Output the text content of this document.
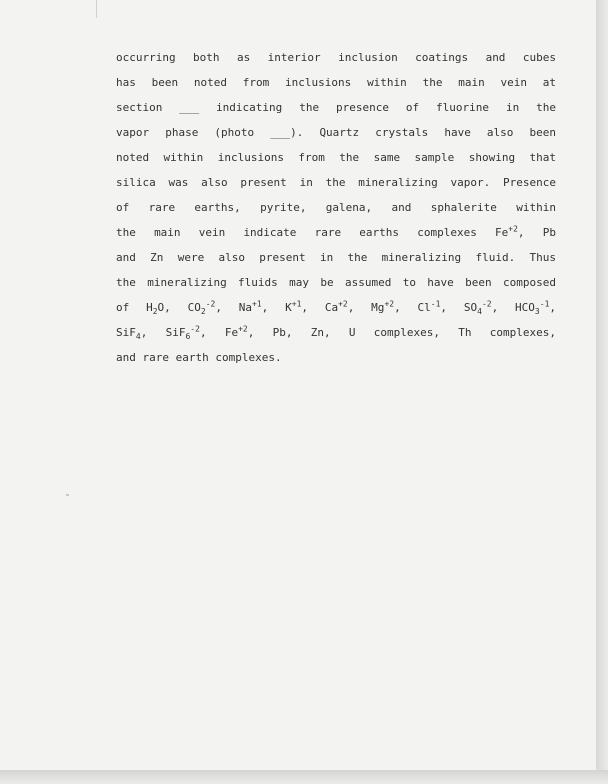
occurring both as interior inclusion coatings and cubes
has been noted from inclusions within the main vein at
section ___ indicating the presence of fluorine in the
vapor phase (photo ___). Quartz crystals have also been
noted within inclusions from the same sample showing that
silica was also present in the mineralizing vapor. Presence
of rare earths, pyrite, galena, and sphalerite within
the main vein indicate rare earths complexes $Fe^{+2}$, Pb
and Zn were also present in the mineralizing fluid. Thus
the mineralizing fluids may be assumed to have been composed
of $H_2O$, $CO_2^{-2}$, $Na^{+1}$, $K^{+1}$, $Ca^{+2}$, $Mg^{+2}$, $Cl^{-1}$, $SO_4^{-2}$, $HCO_3^{-1}$,
SiF$_4$, SiF$_6^{-2}$, $Fe^{+2}$, Pb, Zn, U complexes, Th complexes,
and rare earth complexes.
